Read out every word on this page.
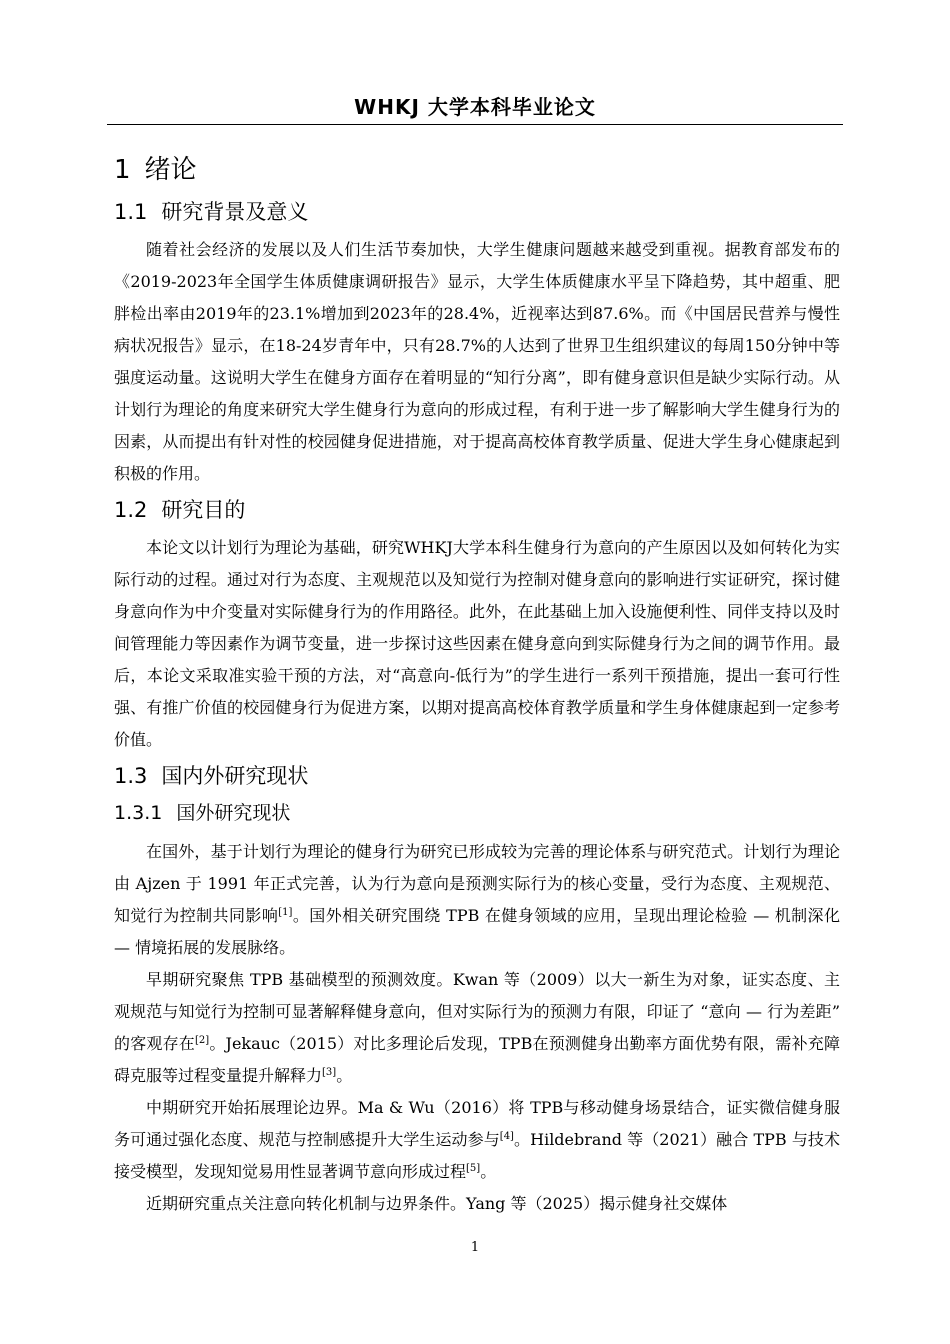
WHKJ 大学本科毕业论文
1 绪论
1.1 研究背景及意义

随着社会经济的发展以及人们生活节奏加快，大学生健康问题越来越受到重视。据教育部发布的《2019-2023年全国学生体质健康调研报告》显示，大学生体质健康水平呈下降趋势，其中超重、肥胖检出率由2019年的23.1%增加到2023年的28.4%，近视率达到87.6%。而《中国居民营养与慢性病状况报告》显示，在18-24岁青年中，只有28.7%的人达到了世界卫生组织建议的每周150分钟中等强度运动量。这说明大学生在健身方面存在着明显的“知行分离”，即有健身意识但是缺少实际行动。从计划行为理论的角度来研究大学生健身行为意向的形成过程，有利于进一步了解影响大学生健身行为的因素，从而提出有针对性的校园健身促进措施，对于提高高校体育教学质量、促进大学生身心健康起到积极的作用。

1.2 研究目的

本论文以计划行为理论为基础，研究WHKJ大学本科生健身行为意向的产生原因以及如何转化为实际行动的过程。通过对行为态度、主观规范以及知觉行为控制对健身意向的影响进行实证研究，探讨健身意向作为中介变量对实际健身行为的作用路径。此外，在此基础上加入设施便利性、同伴支持以及时间管理能力等因素作为调节变量，进一步探讨这些因素在健身意向到实际健身行为之间的调节作用。最后，本论文采取准实验干预的方法，对“高意向-低行为”的学生进行一系列干预措施，提出一套可行性强、有推广价值的校园健身行为促进方案，以期对提高高校体育教学质量和学生身体健康起到一定参考价值。

1.3 国内外研究现状
1.3.1 国外研究现状

在国外，基于计划行为理论的健身行为研究已形成较为完善的理论体系与研究范式。计划行为理论由 Ajzen 于 1991 年正式完善，认为行为意向是预测实际行为的核心变量，受行为态度、主观规范、知觉行为控制共同影响[1]。国外相关研究围绕 TPB 在健身领域的应用，呈现出理论检验 — 机制深化 — 情境拓展的发展脉络。

早期研究聚焦 TPB 基础模型的预测效度。Kwan 等（2009）以大一新生为对象，证实态度、主观规范与知觉行为控制可显著解释健身意向，但对实际行为的预测力有限，印证了 “意向 — 行为差距” 的客观存在[2]。Jekauc（2015）对比多理论后发现，TPB在预测健身出勤率方面优势有限，需补充障碍克服等过程变量提升解释力[3]。

中期研究开始拓展理论边界。Ma & Wu（2016）将 TPB与移动健身场景结合，证实微信健身服务可通过强化态度、规范与控制感提升大学生运动参与[4]。Hildebrand 等（2021）融合 TPB 与技术接受模型，发现知觉易用性显著调节意向形成过程[5]。

近期研究重点关注意向转化机制与边界条件。Yang 等（2025）揭示健身社交媒体

1
